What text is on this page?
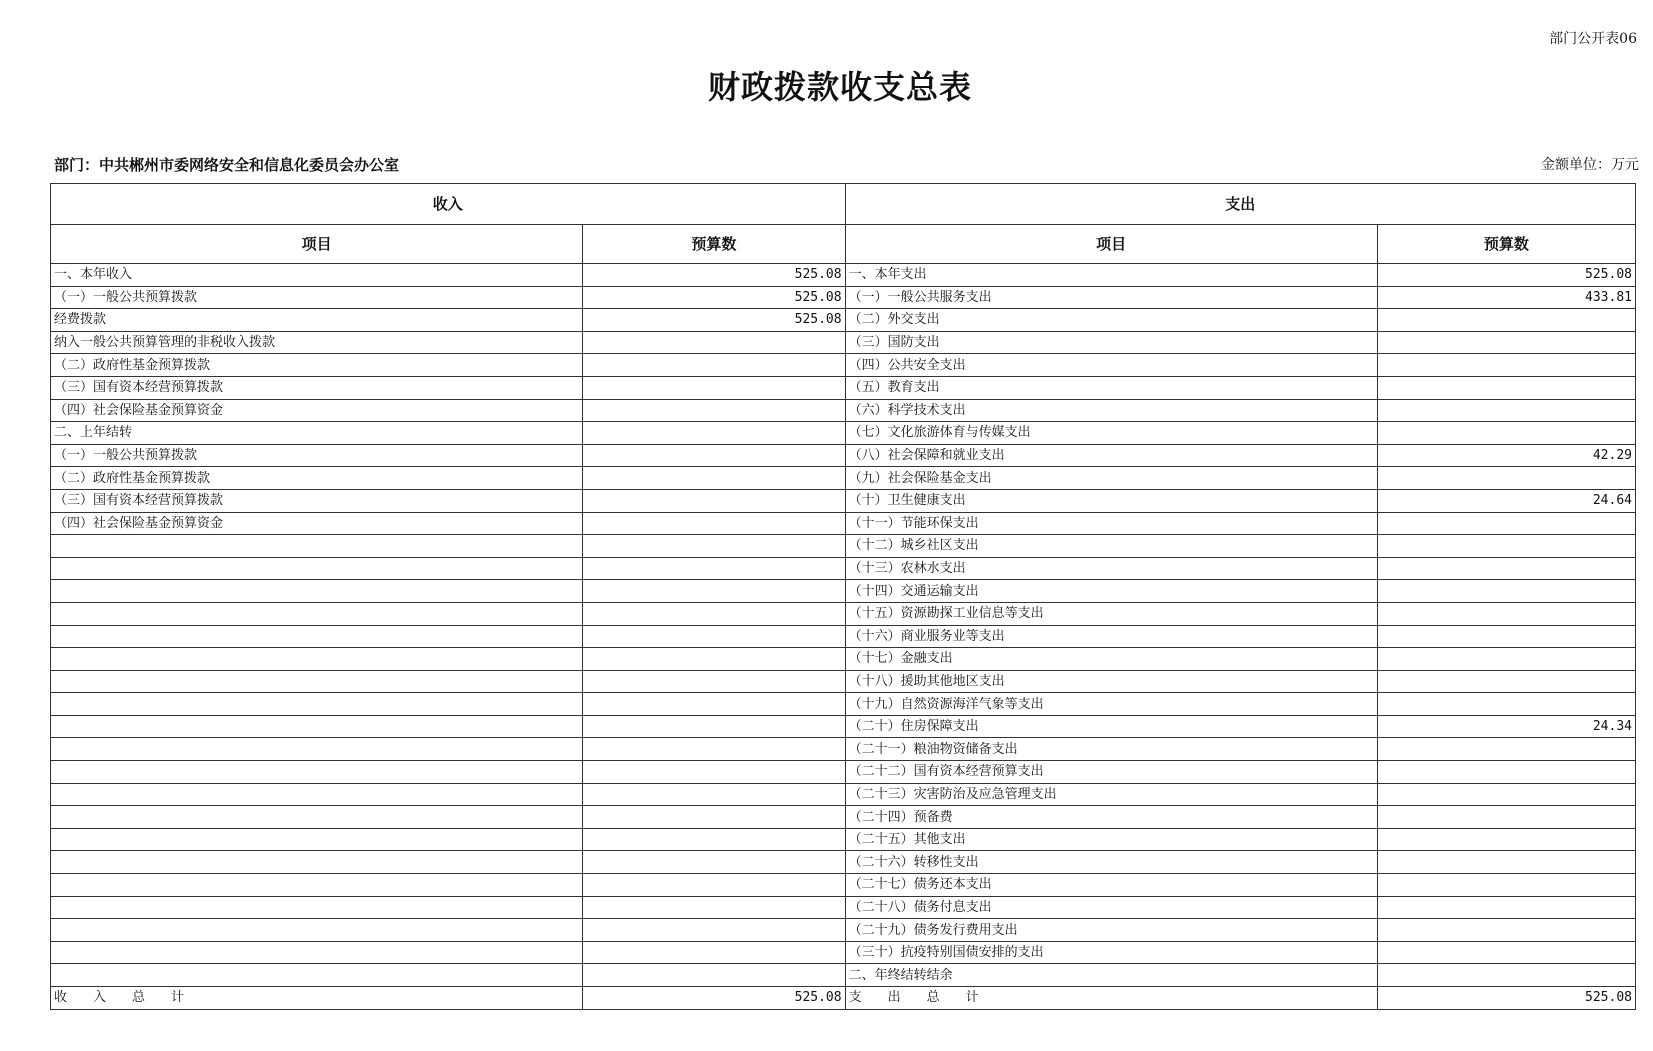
部门公开表06
财政拨款收支总表
部门：中共郴州市委网络安全和信息化委员会办公室	金额单位：万元
收入		支出	
项目	预算数	项目	预算数
一、本年收入	525.08	一、本年支出	525.08
（一）一般公共预算拨款	525.08	（一）一般公共服务支出	433.81
经费拨款	525.08	（二）外交支出	
纳入一般公共预算管理的非税收入拨款		（三）国防支出	
（二）政府性基金预算拨款		（四）公共安全支出	
（三）国有资本经营预算拨款		（五）教育支出	
（四）社会保险基金预算资金		（六）科学技术支出	
二、上年结转		（七）文化旅游体育与传媒支出	
（一）一般公共预算拨款		（八）社会保障和就业支出	42.29
（二）政府性基金预算拨款		（九）社会保险基金支出	
（三）国有资本经营预算拨款		（十）卫生健康支出	24.64
（四）社会保险基金预算资金		（十一）节能环保支出	
		（十二）城乡社区支出	
		（十三）农林水支出	
		（十四）交通运输支出	
		（十五）资源勘探工业信息等支出	
		（十六）商业服务业等支出	
		（十七）金融支出	
		（十八）援助其他地区支出	
		（十九）自然资源海洋气象等支出	
		（二十）住房保障支出	24.34
		（二十一）粮油物资储备支出	
		（二十二）国有资本经营预算支出	
		（二十三）灾害防治及应急管理支出	
		（二十四）预备费	
		（二十五）其他支出	
		（二十六）转移性支出	
		（二十七）债务还本支出	
		（二十八）债务付息支出	
		（二十九）债务发行费用支出	
		（三十）抗疫特别国债安排的支出	
		二、年终结转结余	
收　　入　　总　　计	525.08	支　　出　　总　　计	525.08
